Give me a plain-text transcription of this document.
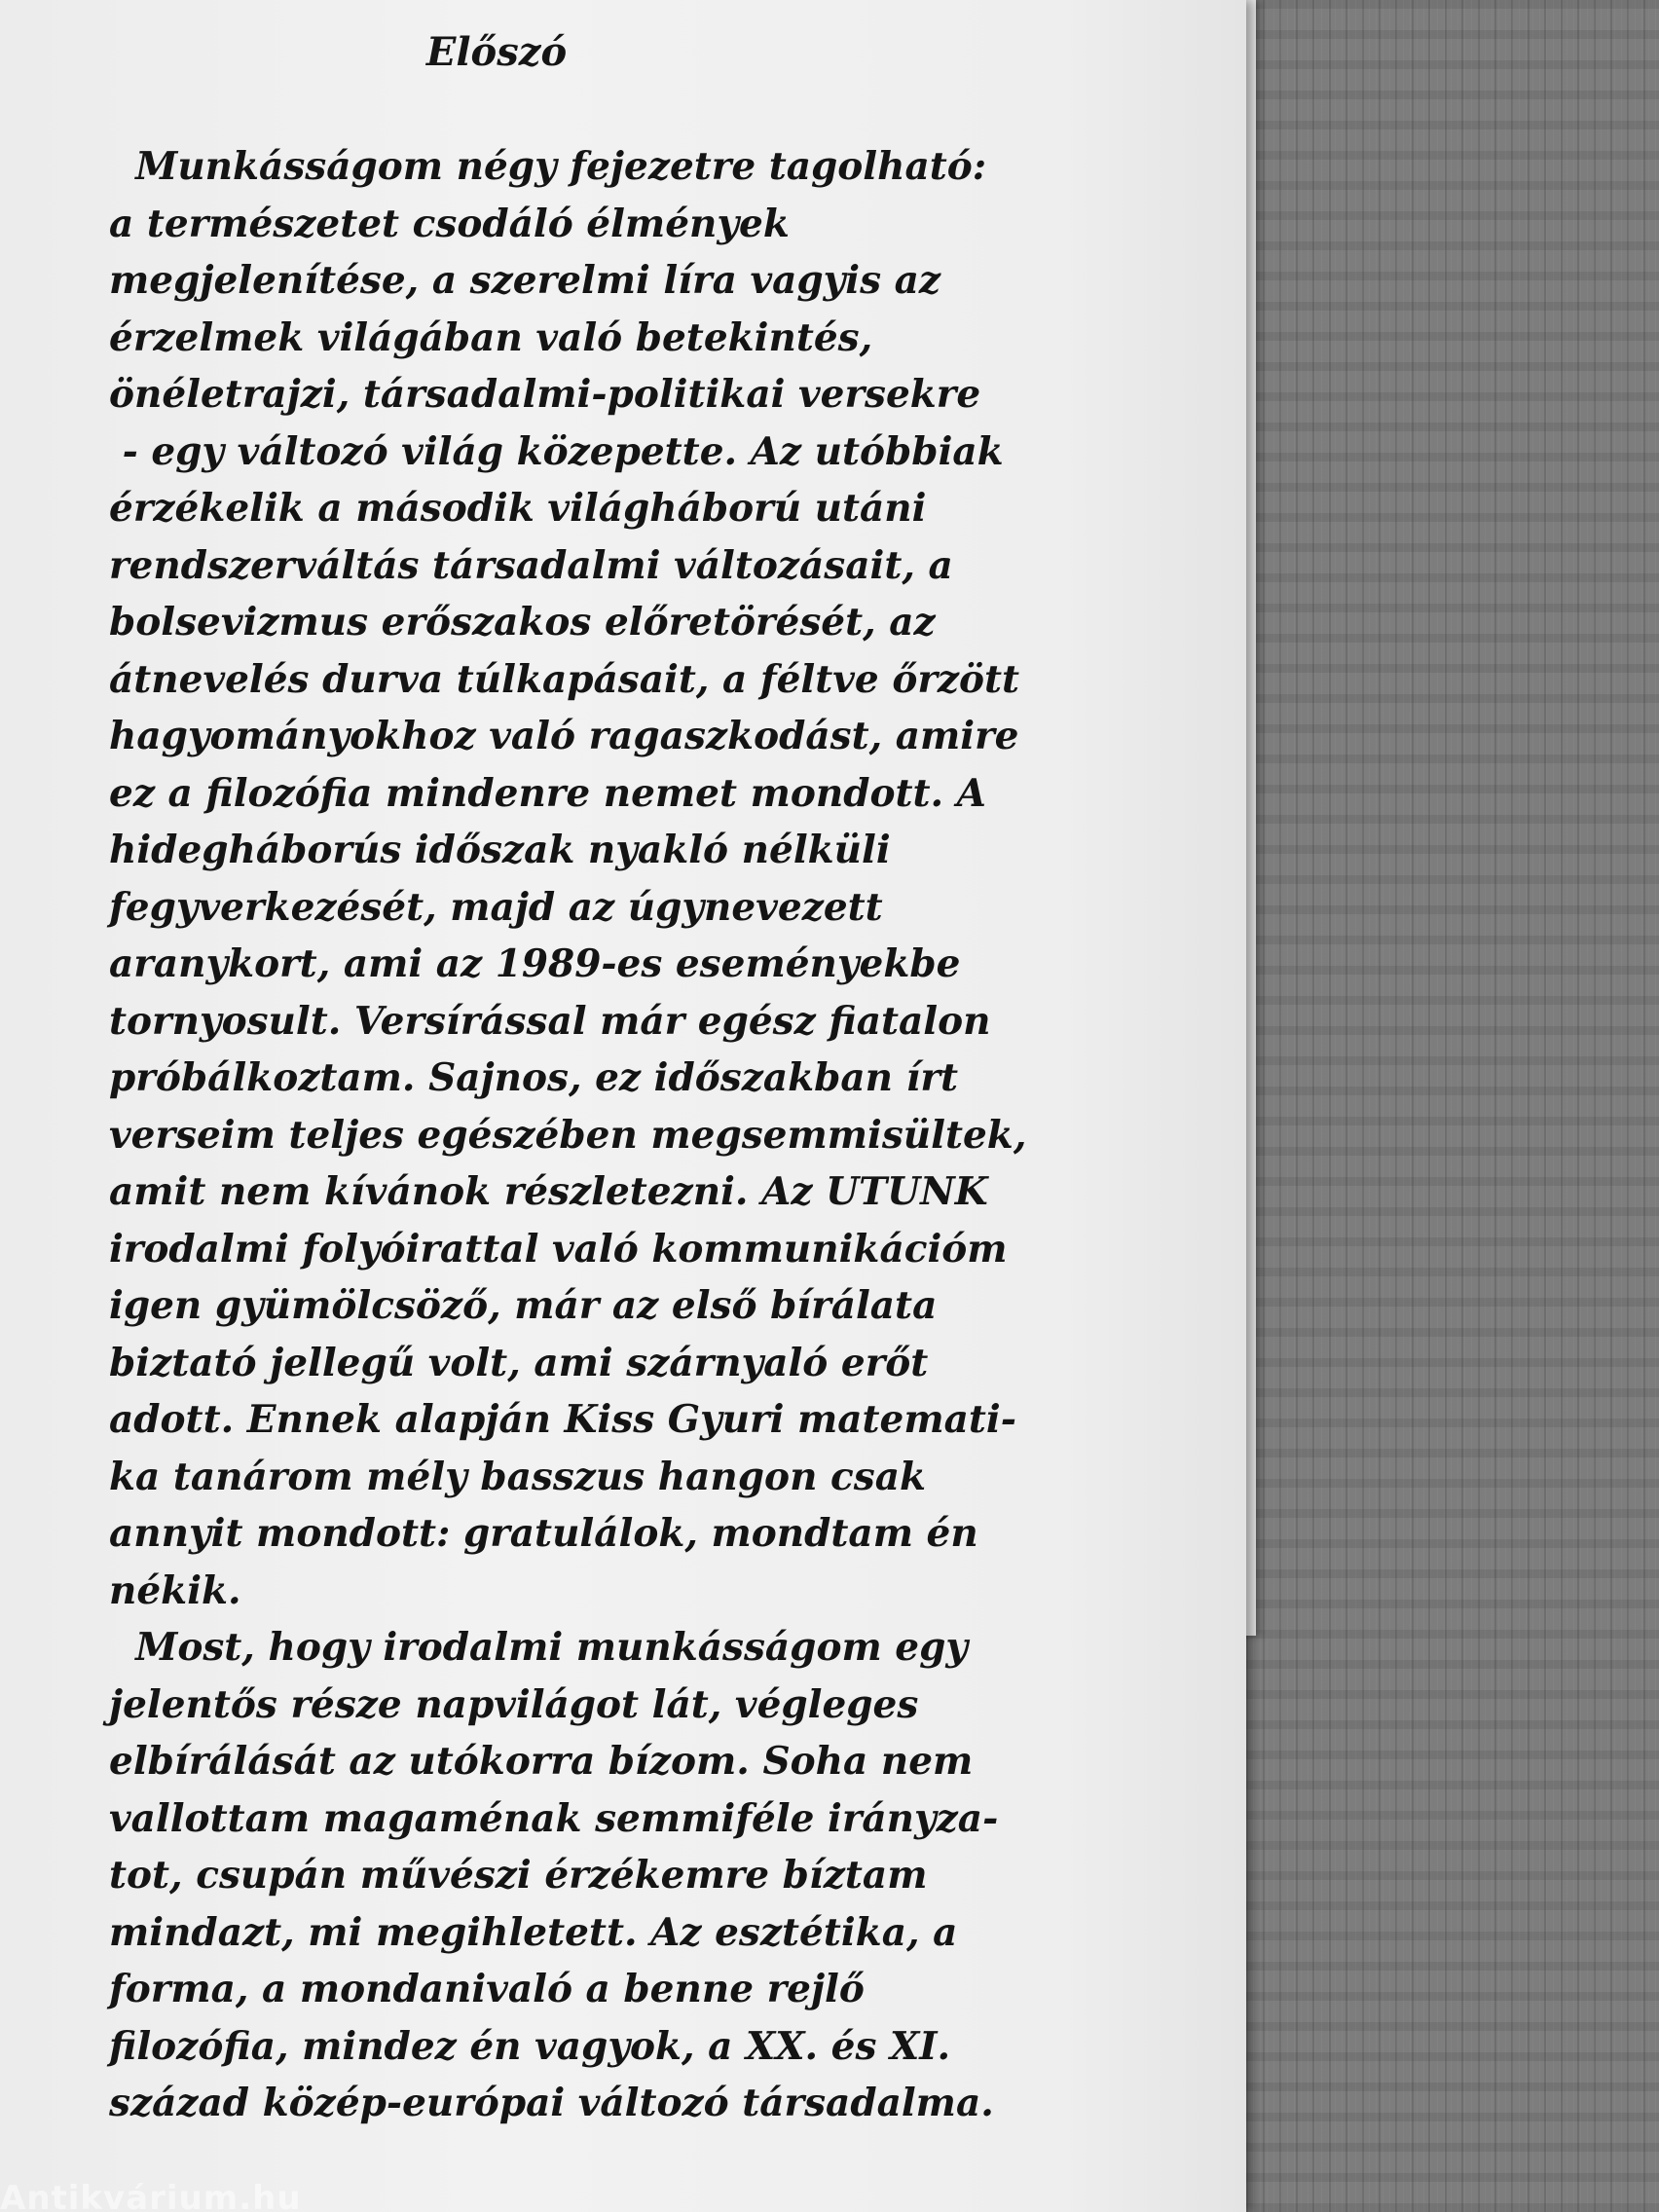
Előszó
Munkásságom négy fejezetre tagolható:
a természetet csodáló élmények
megjelenítése, a szerelmi líra vagyis az
érzelmek világában való betekintés,
önéletrajzi, társadalmi-politikai versekre
- egy változó világ közepette. Az utóbbiak
érzékelik a második világháború utáni
rendszerváltás társadalmi változásait, a
bolsevizmus erőszakos előretörését, az
átnevelés durva túlkapásait, a féltve őrzött
hagyományokhoz való ragaszkodást, amire
ez a filozófia mindenre nemet mondott. A
hidegháborús időszak nyakló nélküli
fegyverkezését, majd az úgynevezett
aranykort, ami az 1989-es eseményekbe
tornyosult. Versírással már egész fiatalon
próbálkoztam. Sajnos, ez időszakban írt
verseim teljes egészében megsemmisültek,
amit nem kívánok részletezni. Az UTUNK
irodalmi folyóirattal való kommunikációm
igen gyümölcsöző, már az első bírálata
biztató jellegű volt, ami szárnyaló erőt
adott. Ennek alapján Kiss Gyuri matemati-
ka tanárom mély basszus hangon csak
annyit mondott: gratulálok, mondtam én
nékik.
Most, hogy irodalmi munkásságom egy
jelentős része napvilágot lát, végleges
elbírálását az utókorra bízom. Soha nem
vallottam magaménak semmiféle irányza-
tot, csupán művészi érzékemre bíztam
mindazt, mi megihletett. Az esztétika, a
forma, a mondanivaló a benne rejlő
filozófia, mindez én vagyok, a XX. és XI.
század közép-európai változó társadalma.
Antikvárium.hu
